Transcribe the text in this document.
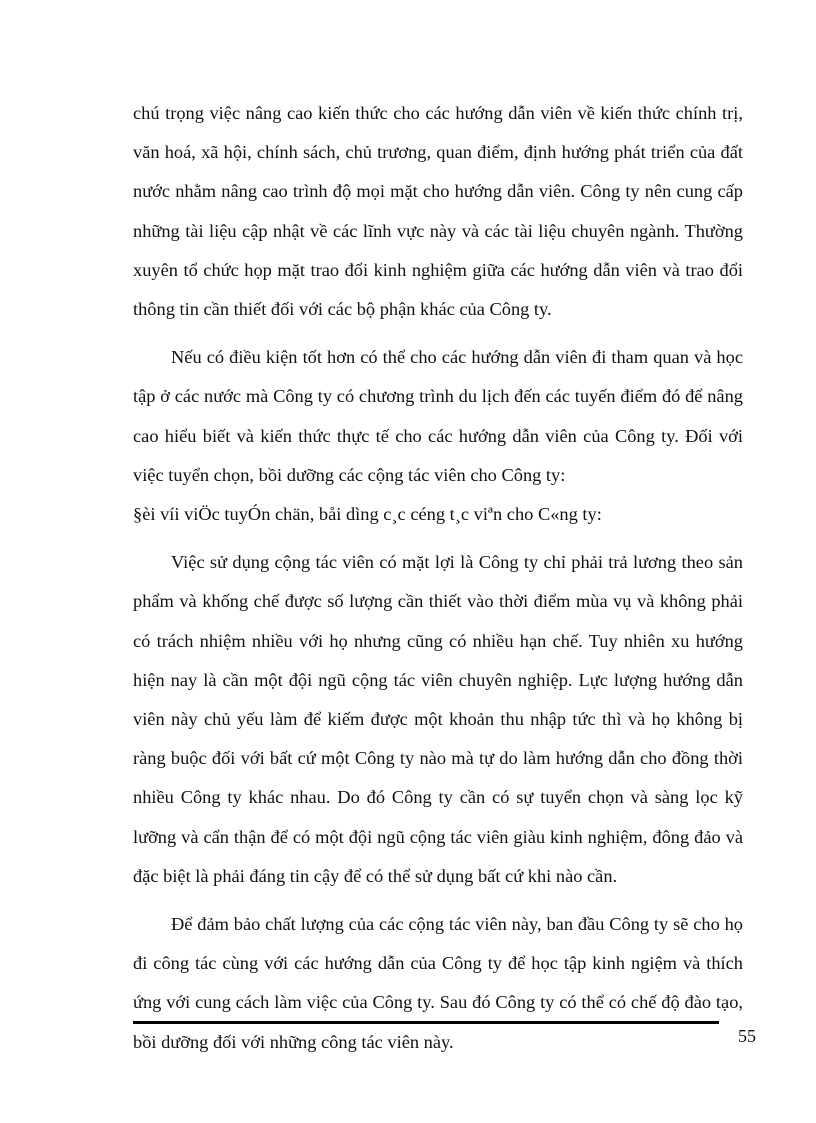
chú trọng việc nâng cao kiến thức cho các hướng dẫn viên về kiến thức chính trị, văn hoá, xã hội, chính sách, chủ trương, quan điểm, định hướng phát triển của đất nước nhằm nâng cao trình độ mọi mặt cho hướng dẫn viên. Công ty nên cung cấp những tài liệu cập nhật về các lĩnh vực này và các tài liệu chuyên ngành. Thường xuyên tổ chức họp mặt trao đổi kinh nghiệm giữa các hướng dẫn viên và trao đổi thông tin cần thiết đối với các bộ phận khác của Công ty.

Nếu có điều kiện tốt hơn có thể cho các hướng dẫn viên đi tham quan và học tập ở các nước mà Công ty có chương trình du lịch đến các tuyến điểm đó để nâng cao hiểu biết và kiến thức thực tế cho các hướng dẫn viên của Công ty. Đối với việc tuyển chọn, bồi dưỡng các cộng tác viên cho Công ty:
§èi víi viÖc tuyÓn chän, båi dìng c¸c céng t¸c viªn cho C«ng ty:

Việc sử dụng cộng tác viên có mặt lợi là Công ty chỉ phải trả lương theo sản phẩm và khống chế được số lượng cần thiết vào thời điểm mùa vụ và không phải có trách nhiệm nhiều với họ nhưng cũng có nhiều hạn chế. Tuy nhiên xu hướng hiện nay là cần một đội ngũ cộng tác viên chuyên nghiệp. Lực lượng hướng dẫn viên này chủ yếu làm để kiếm được một khoản thu nhập tức thì và họ không bị ràng buộc đối với bất cứ một Công ty nào mà tự do làm hướng dẫn cho đồng thời nhiều Công ty khác nhau. Do đó Công ty cần có sự tuyển chọn và sàng lọc kỹ lưỡng và cẩn thận để có một đội ngũ cộng tác viên giàu kinh nghiệm, đông đảo và đặc biệt là phải đáng tin cậy để có thể sử dụng bất cứ khi nào cần.

Để đảm bảo chất lượng của các cộng tác viên này, ban đầu Công ty sẽ cho họ đi công tác cùng với các hướng dẫn của Công ty để học tập kinh ngiệm và thích ứng với cung cách làm việc của Công ty. Sau đó Công ty có thể có chế độ đào tạo, bồi dưỡng đối với những công tác viên này.	55
